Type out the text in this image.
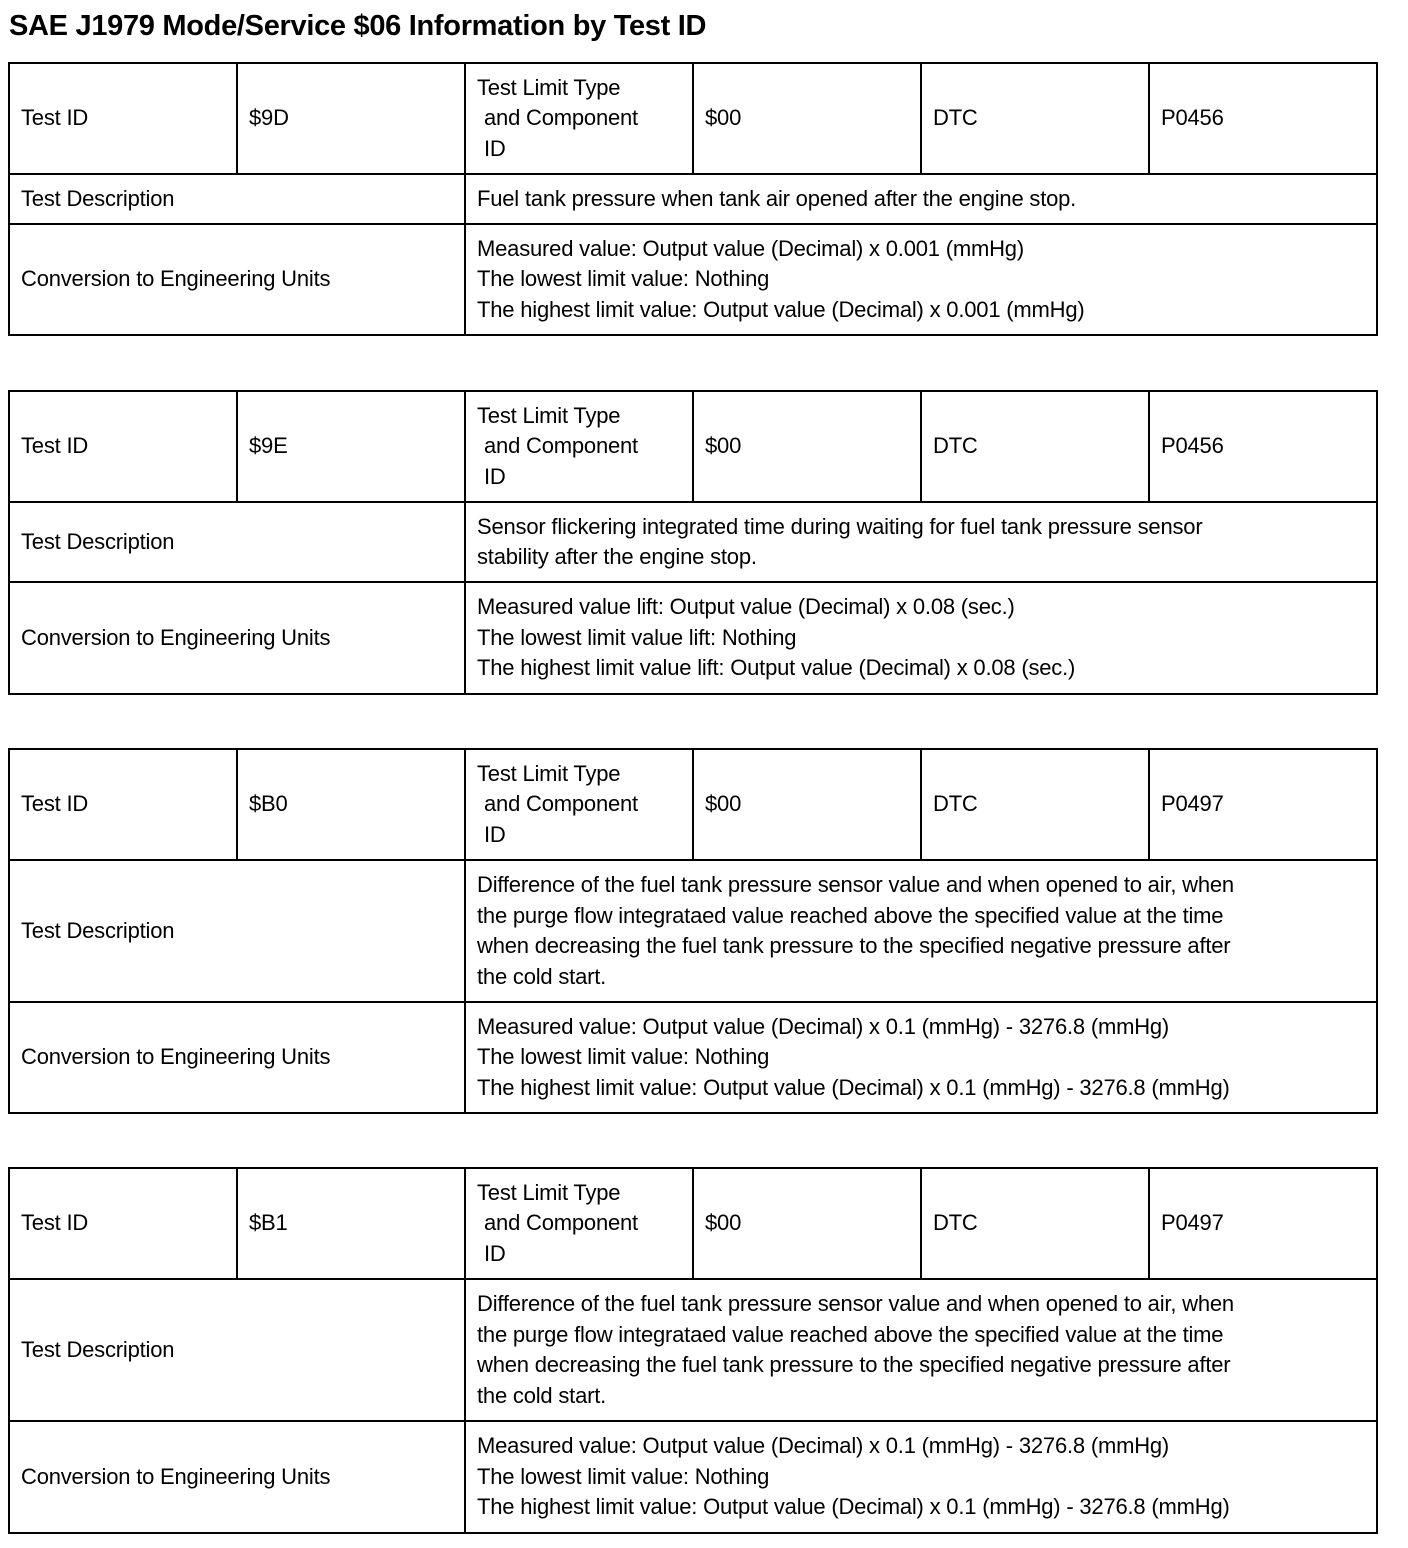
SAE J1979 Mode/Service $06 Information by Test ID
Test ID	$9D	Test Limit Type
and Component
ID	$00	DTC	P0456

Test Description		Fuel tank pressure when tank air opened after the engine stop.			

Conversion to Engineering Units		Measured value: Output value (Decimal) x 0.001 (mmHg)
The lowest limit value: Nothing
The highest limit value: Output value (Decimal) x 0.001 (mmHg)			
Test ID	$9E	Test Limit Type
and Component
ID	$00	DTC	P0456

Test Description		Sensor flickering integrated time during waiting for fuel tank pressure sensor
stability after the engine stop.			

Conversion to Engineering Units		Measured value lift: Output value (Decimal) x 0.08 (sec.)
The lowest limit value lift: Nothing
The highest limit value lift: Output value (Decimal) x 0.08 (sec.)			
Test ID	$B0	Test Limit Type
and Component
ID	$00	DTC	P0497

Test Description		Difference of the fuel tank pressure sensor value and when opened to air, when
the purge flow integrataed value reached above the specified value at the time
when decreasing the fuel tank pressure to the specified negative pressure after
the cold start.			

Conversion to Engineering Units		Measured value: Output value (Decimal) x 0.1 (mmHg) - 3276.8 (mmHg)
The lowest limit value: Nothing
The highest limit value: Output value (Decimal) x 0.1 (mmHg) - 3276.8 (mmHg)			
Test ID	$B1	Test Limit Type
and Component
ID	$00	DTC	P0497

Test Description		Difference of the fuel tank pressure sensor value and when opened to air, when
the purge flow integrataed value reached above the specified value at the time
when decreasing the fuel tank pressure to the specified negative pressure after
the cold start.			

Conversion to Engineering Units		Measured value: Output value (Decimal) x 0.1 (mmHg) - 3276.8 (mmHg)
The lowest limit value: Nothing
The highest limit value: Output value (Decimal) x 0.1 (mmHg) - 3276.8 (mmHg)			
